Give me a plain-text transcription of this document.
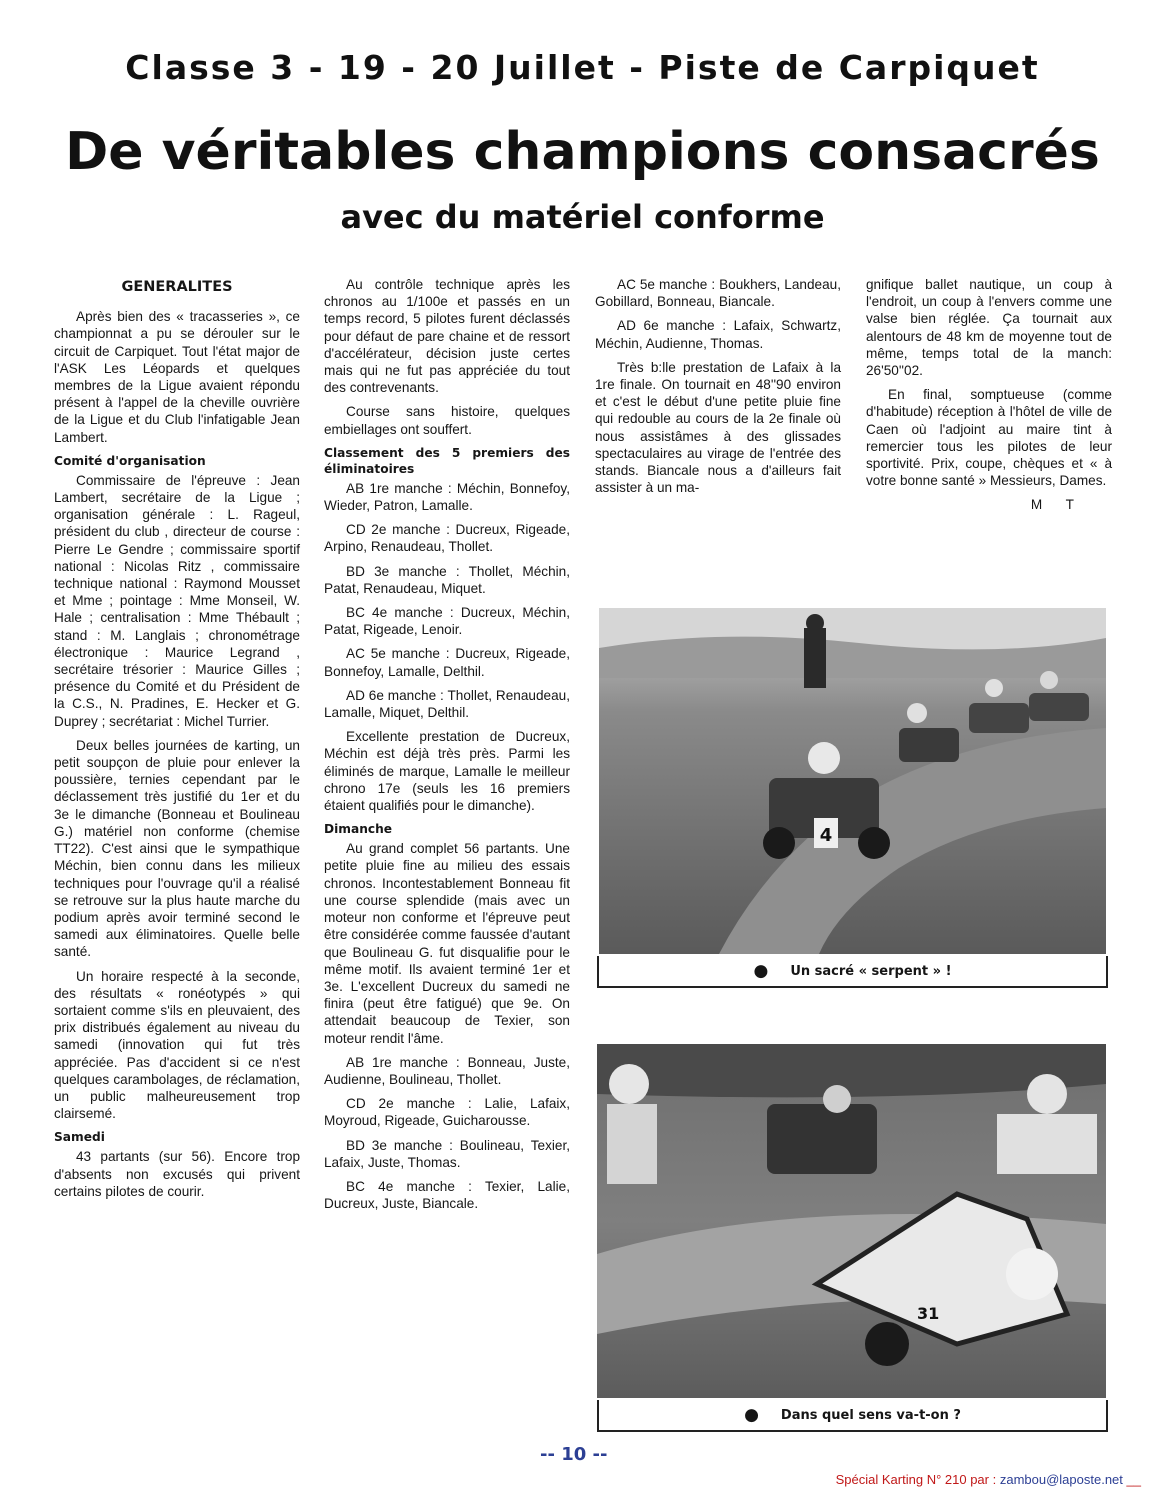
Classe 3 - 19 - 20 Juillet - Piste de Carpiquet
De véritables champions consacrés
avec du matériel conforme
GENERALITES

Après bien des « tracasseries », ce championnat a pu se dérouler sur le circuit de Carpiquet. Tout l'état major de l'ASK Les Léopards et quelques membres de la Ligue avaient répondu présent à l'appel de la cheville ouvrière de la Ligue et du Club l'infatigable Jean Lambert.

Comité d'organisation

Commissaire de l'épreuve : Jean Lambert, secrétaire de la Ligue ; organisation générale : L. Rageul, président du club , directeur de course : Pierre Le Gendre ; commissaire sportif national : Nicolas Ritz , commissaire technique national : Raymond Mousset et Mme ; pointage : Mme Monseil, W. Hale ; centralisation : Mme Thébault ; stand : M. Langlais ; chronométrage électronique : Maurice Legrand , secrétaire trésorier : Maurice Gilles ; présence du Comité et du Président de la C.S., N. Pradines, E. Hecker et G. Duprey ; secrétariat : Michel Turrier.

Deux belles journées de karting, un petit soupçon de pluie pour enlever la poussière, ternies cependant par le déclassement très justifié du 1er et du 3e le dimanche (Bonneau et Boulineau G.) matériel non conforme (chemise TT22). C'est ainsi que le sympathique Méchin, bien connu dans les milieux techniques pour l'ouvrage qu'il a réalisé se retrouve sur la plus haute marche du podium après avoir terminé second le samedi aux éliminatoires. Quelle belle santé.

Un horaire respecté à la seconde, des résultats « ronéotypés » qui sortaient comme s'ils en pleuvaient, des prix distribués également au niveau du samedi (innovation qui fut très appréciée. Pas d'accident si ce n'est quelques carambolages, de réclamation, un public malheureusement trop clairsemé.

Samedi

43 partants (sur 56). Encore trop d'absents non excusés qui privent certains pilotes de courir.

Au contrôle technique après les chronos au 1/100e et passés en un temps record, 5 pilotes furent déclassés pour défaut de pare chaine et de ressort d'accélérateur, décision juste certes mais qui ne fut pas appréciée du tout des contrevenants.

Course sans histoire, quelques embiellages ont souffert.

Classement des 5 premiers des éliminatoires

AB 1re manche : Méchin, Bonnefoy, Wieder, Patron, Lamalle.

CD 2e manche : Ducreux, Rigeade, Arpino, Renaudeau, Thollet.

BD 3e manche : Thollet, Méchin, Patat, Renaudeau, Miquet.

BC 4e manche : Ducreux, Méchin, Patat, Rigeade, Lenoir.

AC 5e manche : Ducreux, Rigeade, Bonnefoy, Lamalle, Delthil.

AD 6e manche : Thollet, Renaudeau, Lamalle, Miquet, Delthil.

Excellente prestation de Ducreux, Méchin est déjà très près. Parmi les éliminés de marque, Lamalle le meilleur chrono 17e (seuls les 16 premiers étaient qualifiés pour le dimanche).

Dimanche

Au grand complet 56 partants. Une petite pluie fine au milieu des essais chronos. Incontestablement Bonneau fit une course splendide (mais avec un moteur non conforme et l'épreuve peut être considérée comme faussée d'autant que Boulineau G. fut disqualifie pour le même motif. Ils avaient terminé 1er et 3e. L'excellent Ducreux du samedi ne finira (peut être fatigué) que 9e. On attendait beaucoup de Texier, son moteur rendit l'âme.

AB 1re manche : Bonneau, Juste, Audienne, Boulineau, Thollet.

CD 2e manche : Lalie, Lafaix, Moyroud, Rigeade, Guicharousse.

BD 3e manche : Boulineau, Texier, Lafaix, Juste, Thomas.

BC 4e manche : Texier, Lalie, Ducreux, Juste, Biancale.

AC 5e manche : Boukhers, Landeau, Gobillard, Bonneau, Biancale.

AD 6e manche : Lafaix, Schwartz, Méchin, Audienne, Thomas.

Très b:lle prestation de Lafaix à la 1re finale. On tournait en 48''90 environ et c'est le début d'une petite pluie fine qui redouble au cours de la 2e finale où nous assistâmes à des glissades spectaculaires au virage de l'entrée des stands. Biancale nous a d'ailleurs fait assister à un ma-

gnifique ballet nautique, un coup à l'endroit, un coup à l'envers comme une valse bien réglée. Ça tournait aux alentours de 48 km de moyenne tout de même, temps total de la manch: 26'50''02.

En final, somptueuse (comme d'habitude) réception à l'hôtel de ville de Caen où l'adjoint au maire tint à remercier tous les pilotes de leur sportivité. Prix, coupe, chèques et « à votre bonne santé » Messieurs, Dames.

M T
4
● Un sacré « serpent » !
31
● Dans quel sens va-t-on ?
-- 10 --
Spécial Karting N° 210 par : zambou@laposte.net __
